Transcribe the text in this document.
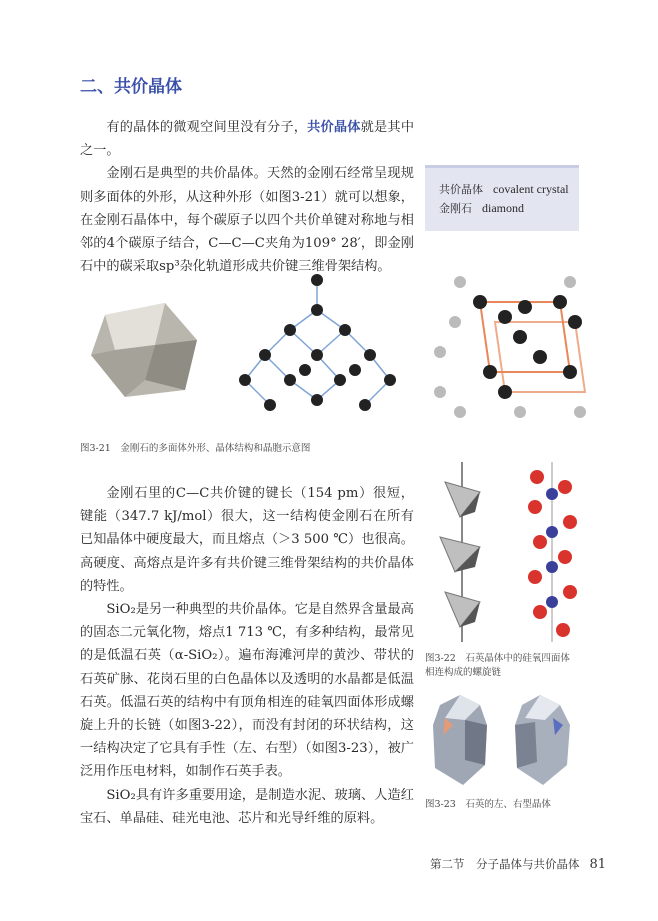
二、共价晶体

有的晶体的微观空间里没有分子，共价晶体就是其中之一。

金刚石是典型的共价晶体。天然的金刚石经常呈现规则多面体的外形，从这种外形（如图3-21）就可以想象，在金刚石晶体中，每个碳原子以四个共价单键对称地与相邻的4个碳原子结合，C—C—C夹角为109° 28′，即金刚石中的碳采取sp³杂化轨道形成共价键三维骨架结构。

共价晶体 covalent crystal
金刚石 diamond
图3-21　金刚石的多面体外形、晶体结构和晶胞示意图

金刚石里的C—C共价键的键长（154 pm）很短，键能（347.7 kJ/mol）很大，这一结构使金刚石在所有已知晶体中硬度最大，而且熔点（＞3 500 ℃）也很高。高硬度、高熔点是许多有共价键三维骨架结构的共价晶体的特性。

SiO₂是另一种典型的共价晶体。它是自然界含量最高的固态二元氧化物，熔点1 713 ℃，有多种结构，最常见的是低温石英（α-SiO₂）。遍布海滩河岸的黄沙、带状的石英矿脉、花岗石里的白色晶体以及透明的水晶都是低温石英。低温石英的结构中有顶角相连的硅氧四面体形成螺旋上升的长链（如图3-22），而没有封闭的环状结构，这一结构决定了它具有手性（左、右型）（如图3-23），被广泛用作压电材料，如制作石英手表。

SiO₂具有许多重要用途，是制造水泥、玻璃、人造红宝石、单晶硅、硅光电池、芯片和光导纤维的原料。

图3-22　石英晶体中的硅氧四面体相连构成的螺旋链
图3-23　石英的左、右型晶体
第二节　分子晶体与共价晶体 81
